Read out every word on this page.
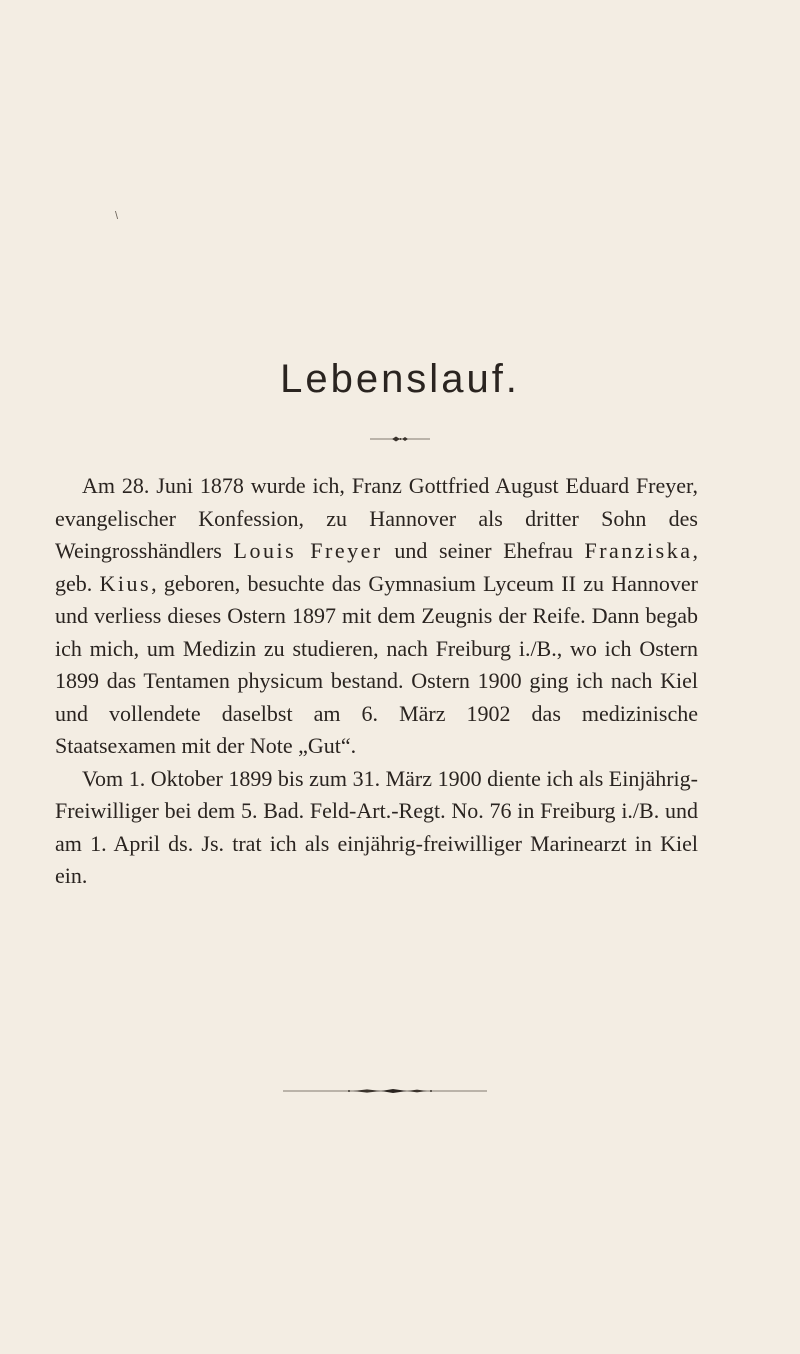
\
Lebenslauf.

Am 28. Juni 1878 wurde ich, Franz Gottfried August Eduard Freyer, evangelischer Konfession, zu Hannover als dritter Sohn des Weingrosshändlers Louis Freyer und seiner Ehefrau Franziska, geb. Kius, geboren, besuchte das Gymnasium Lyceum II zu Hannover und verliess dieses Ostern 1897 mit dem Zeugnis der Reife. Dann begab ich mich, um Medizin zu studieren, nach Freiburg i./B., wo ich Ostern 1899 das Tentamen physicum bestand. Ostern 1900 ging ich nach Kiel und vollendete daselbst am 6. März 1902 das medizinische Staatsexamen mit der Note „Gut“.

Vom 1. Oktober 1899 bis zum 31. März 1900 diente ich als Einjährig-Freiwilliger bei dem 5. Bad. Feld-Art.-Regt. No. 76 in Freiburg i./B. und am 1. April ds. Js. trat ich als einjährig-freiwilliger Marinearzt in Kiel ein.
